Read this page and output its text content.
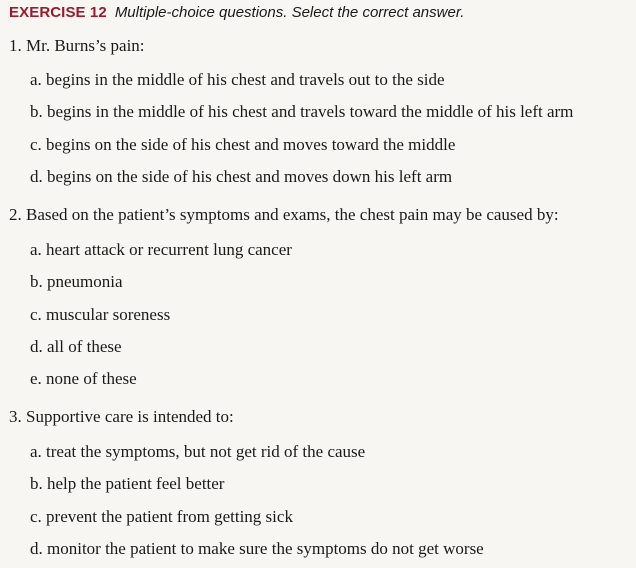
EXERCISE 12 Multiple-choice questions. Select the correct answer.
1. Mr. Burns’s pain:
a. begins in the middle of his chest and travels out to the side
b. begins in the middle of his chest and travels toward the middle of his left arm
c. begins on the side of his chest and moves toward the middle
d. begins on the side of his chest and moves down his left arm
2. Based on the patient’s symptoms and exams, the chest pain may be caused by:
a. heart attack or recurrent lung cancer
b. pneumonia
c. muscular soreness
d. all of these
e. none of these
3. Supportive care is intended to:
a. treat the symptoms, but not get rid of the cause
b. help the patient feel better
c. prevent the patient from getting sick
d. monitor the patient to make sure the symptoms do not get worse
